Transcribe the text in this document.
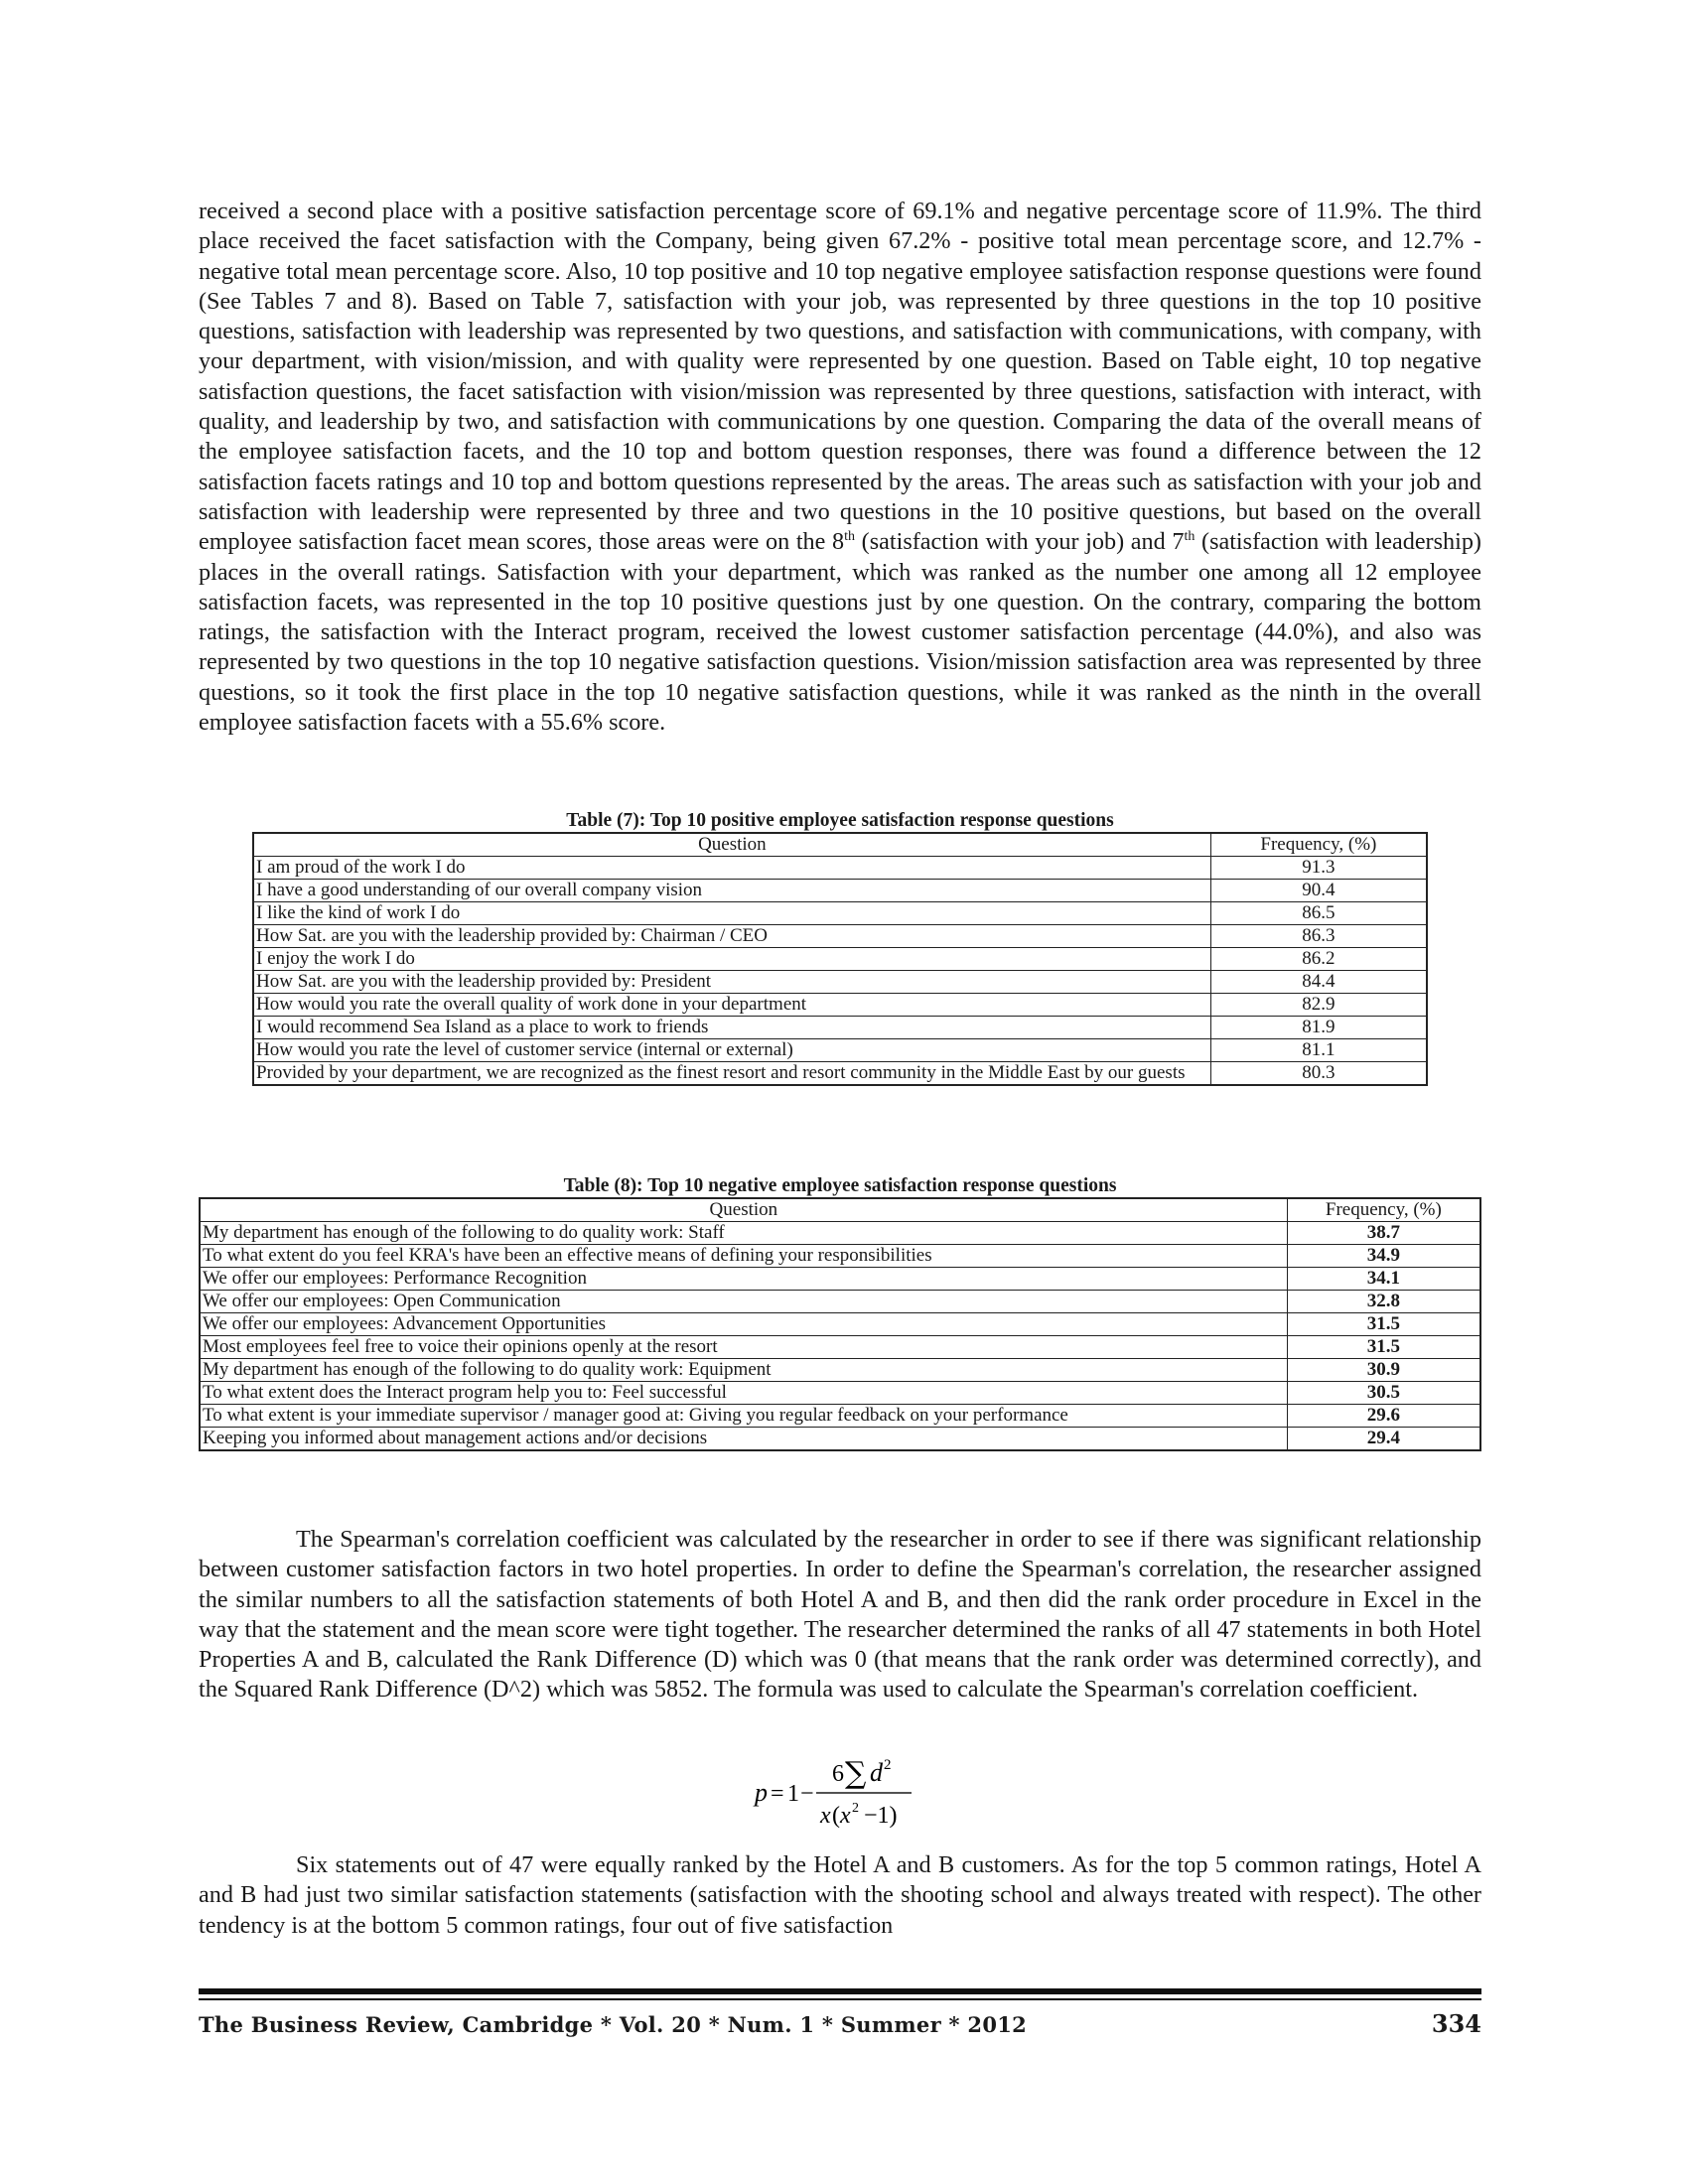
received a second place with a positive satisfaction percentage score of 69.1% and negative percentage score of 11.9%. The third place received the facet satisfaction with the Company, being given 67.2% - positive total mean percentage score, and 12.7% - negative total mean percentage score. Also, 10 top positive and 10 top negative employee satisfaction response questions were found (See Tables 7 and 8). Based on Table 7, satisfaction with your job, was represented by three questions in the top 10 positive questions, satisfaction with leadership was represented by two questions, and satisfaction with communications, with company, with your department, with vision/mission, and with quality were represented by one question. Based on Table eight, 10 top negative satisfaction questions, the facet satisfaction with vision/mission was represented by three questions, satisfaction with interact, with quality, and leadership by two, and satisfaction with communications by one question. Comparing the data of the overall means of the employee satisfaction facets, and the 10 top and bottom question responses, there was found a difference between the 12 satisfaction facets ratings and 10 top and bottom questions represented by the areas. The areas such as satisfaction with your job and satisfaction with leadership were represented by three and two questions in the 10 positive questions, but based on the overall employee satisfaction facet mean scores, those areas were on the 8th (satisfaction with your job) and 7th (satisfaction with leadership) places in the overall ratings. Satisfaction with your department, which was ranked as the number one among all 12 employee satisfaction facets, was represented in the top 10 positive questions just by one question. On the contrary, comparing the bottom ratings, the satisfaction with the Interact program, received the lowest customer satisfaction percentage (44.0%), and also was represented by two questions in the top 10 negative satisfaction questions. Vision/mission satisfaction area was represented by three questions, so it took the first place in the top 10 negative satisfaction questions, while it was ranked as the ninth in the overall employee satisfaction facets with a 55.6% score.

Table (7): Top 10 positive employee satisfaction response questions

Question	Frequency, (%)
I am proud of the work I do	91.3
I have a good understanding of our overall company vision	90.4
I like the kind of work I do	86.5
How Sat. are you with the leadership provided by: Chairman / CEO	86.3
I enjoy the work I do	86.2
How Sat. are you with the leadership provided by: President	84.4
How would you rate the overall quality of work done in your department	82.9
I would recommend Sea Island as a place to work to friends	81.9
How would you rate the level of customer service (internal or external)	81.1
Provided by your department, we are recognized as the finest resort and resort community in the Middle East by our guests	80.3

Table (8): Top 10 negative employee satisfaction response questions

Question	Frequency, (%)
My department has enough of the following to do quality work: Staff	38.7
To what extent do you feel KRA's have been an effective means of defining your responsibilities	34.9
We offer our employees: Performance Recognition	34.1
We offer our employees: Open Communication	32.8
We offer our employees: Advancement Opportunities	31.5
Most employees feel free to voice their opinions openly at the resort	31.5
My department has enough of the following to do quality work: Equipment	30.9
To what extent does the Interact program help you to: Feel successful	30.5
To what extent is your immediate supervisor / manager good at: Giving you regular feedback on your performance	29.6
Keeping you informed about management actions and/or decisions	29.4

The Spearman's correlation coefficient was calculated by the researcher in order to see if there was significant relationship between customer satisfaction factors in two hotel properties. In order to define the Spearman's correlation, the researcher assigned the similar numbers to all the satisfaction statements of both Hotel A and B, and then did the rank order procedure in Excel in the way that the statement and the mean score were tight together. The researcher determined the ranks of all 47 statements in both Hotel Properties A and B, calculated the Rank Difference (D) which was 0 (that means that the rank order was determined correctly), and the Squared Rank Difference (D^2) which was 5852. The formula was used to calculate the Spearman's correlation coefficient.

p = 1 −
6 ∑ d 2
x ( x 2 −1)

Six statements out of 47 were equally ranked by the Hotel A and B customers. As for the top 5 common ratings, Hotel A and B had just two similar satisfaction statements (satisfaction with the shooting school and always treated with respect). The other tendency is at the bottom 5 common ratings, four out of five satisfaction

The Business Review, Cambridge * Vol. 20 * Num. 1 * Summer * 2012	334
